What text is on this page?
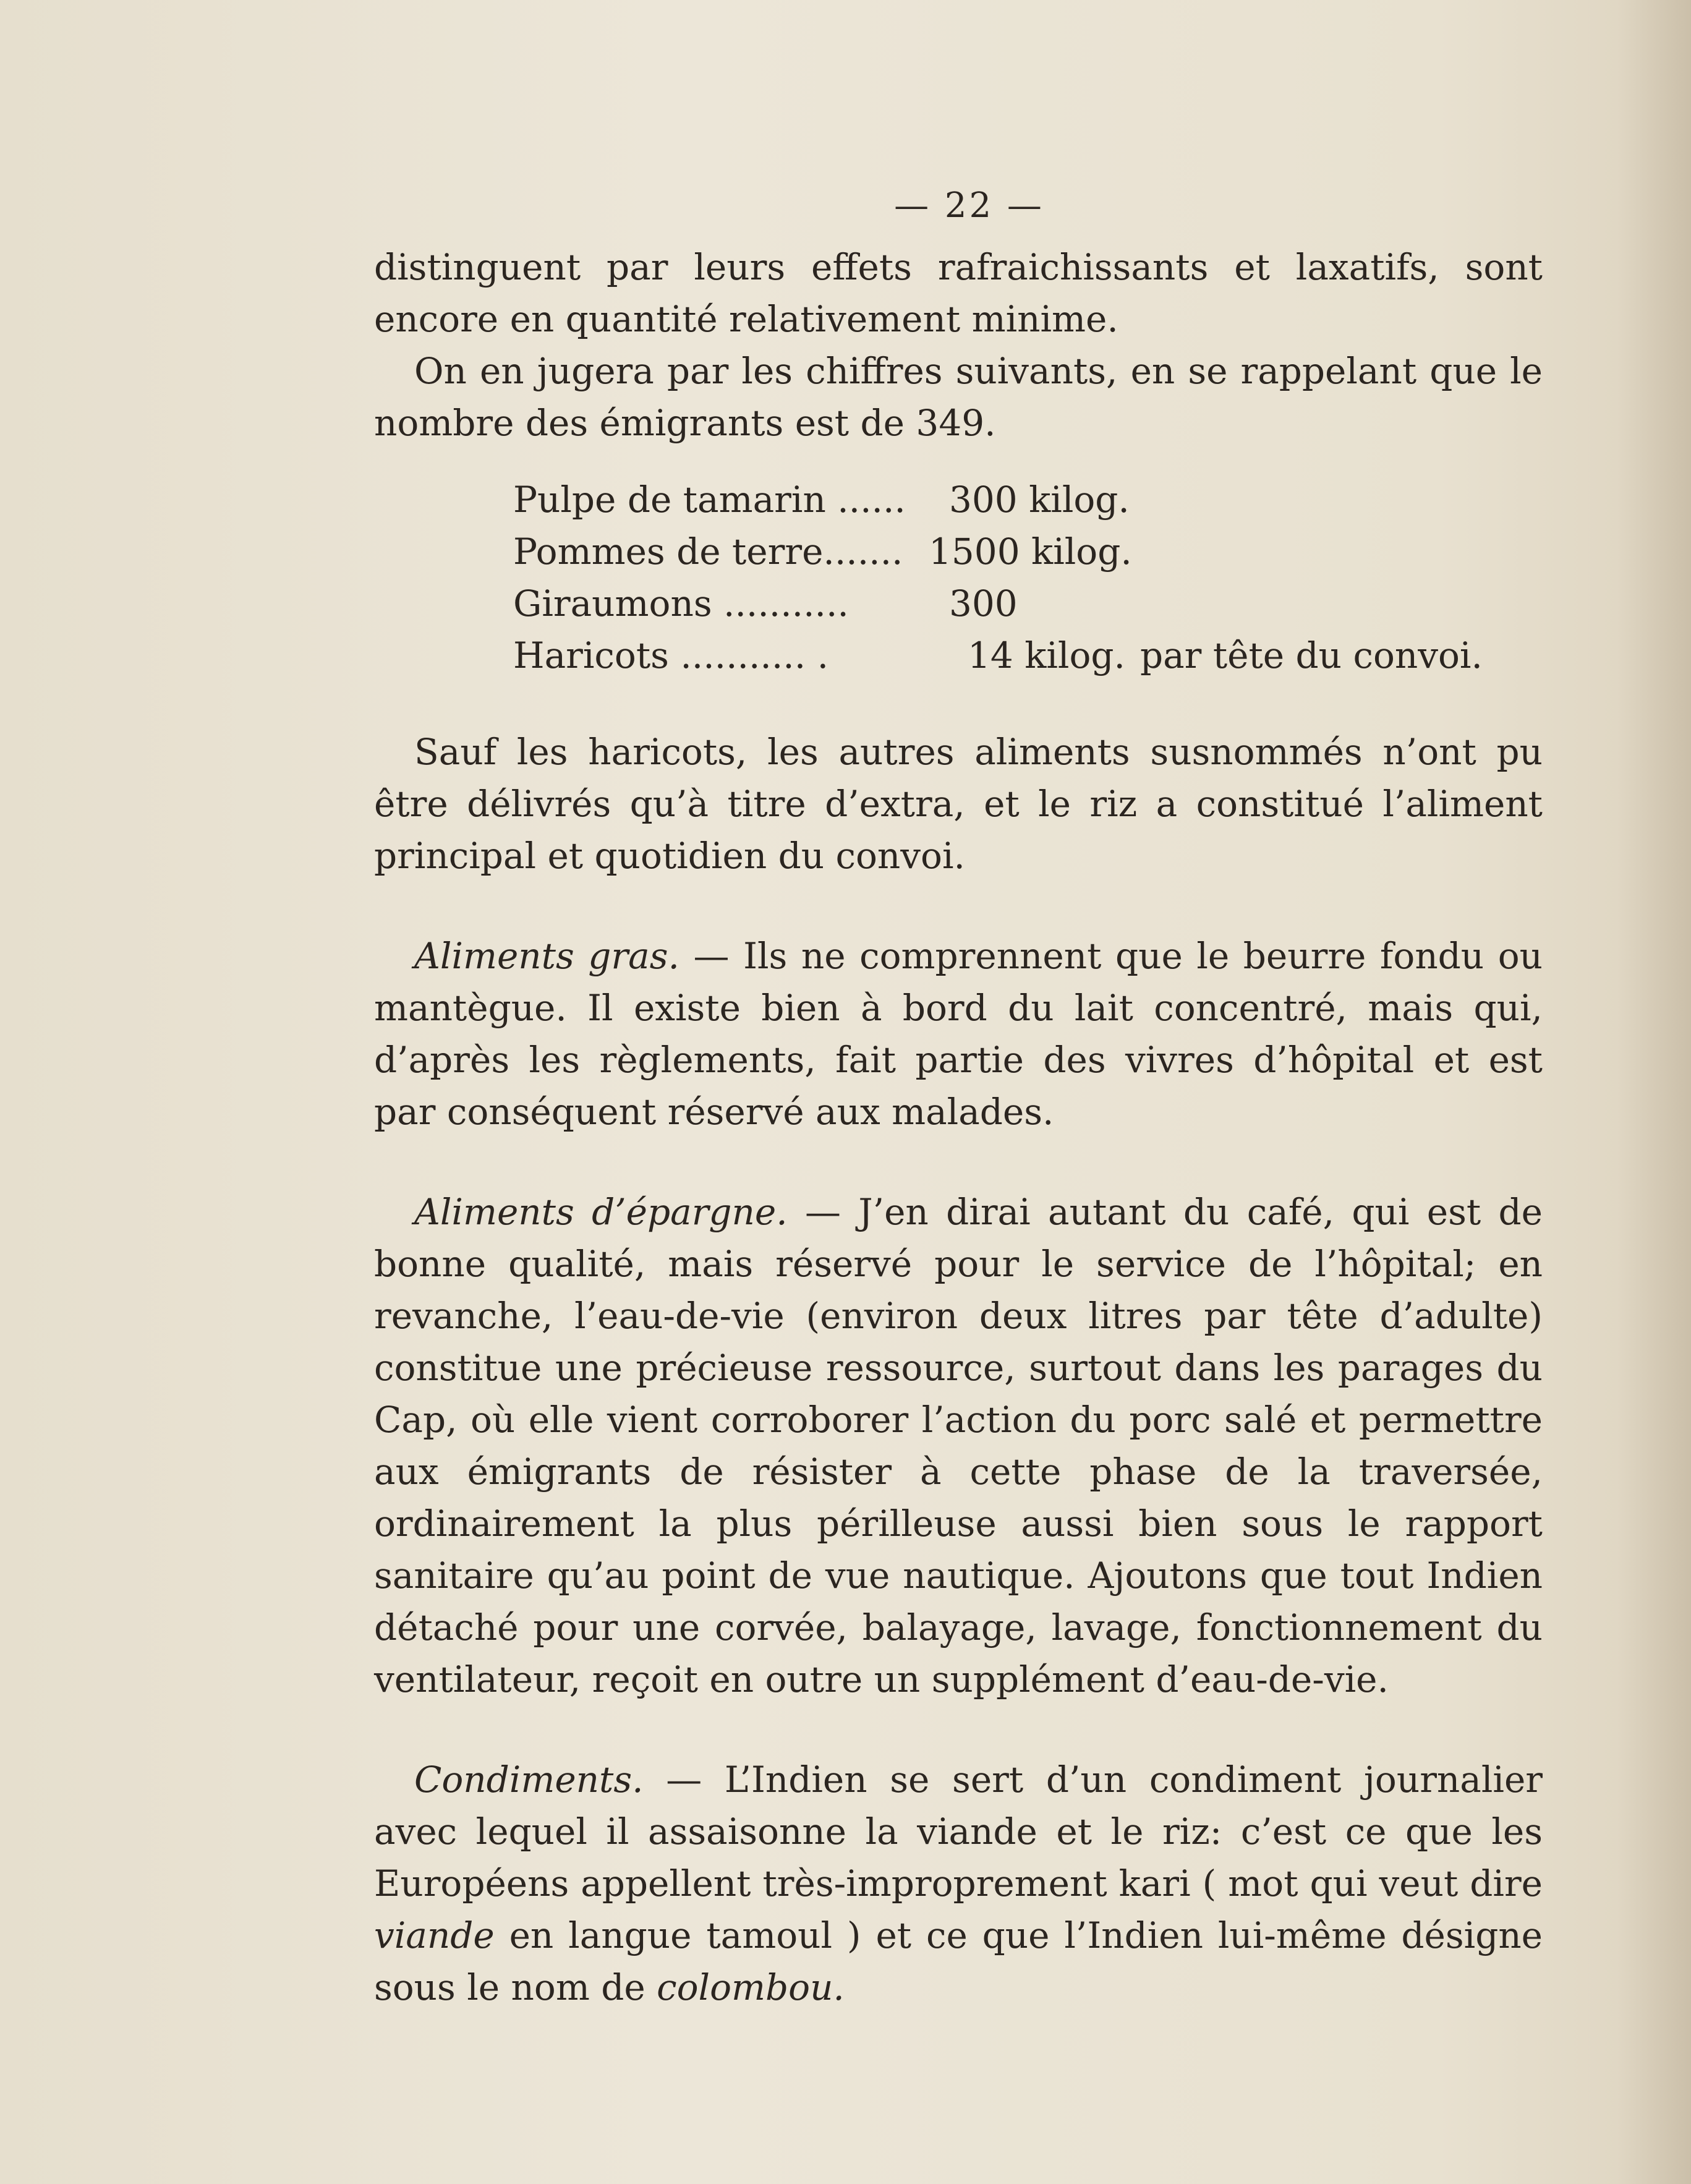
— 22 —

distinguent par leurs effets rafraichissants et laxatifs, sont encore en quantité relativement minime.

On en jugera par les chiffres suivants, en se rappelant que le nombre des émigrants est de 349.

Pulpe de tamarin ......	300 kilog.
Pommes de terre....... 1500 kilog.
Giraumons ...........	300
Haricots ........... .	14 kilog. par tête du convoi.

Sauf les haricots, les autres aliments susnommés n’ont pu être délivrés qu’à titre d’extra, et le riz a constitué l’aliment principal et quotidien du convoi.

Aliments gras. — Ils ne comprennent que le beurre fondu ou mantègue. Il existe bien à bord du lait concentré, mais qui, d’après les règlements, fait partie des vivres d’hôpital et est par conséquent réservé aux malades.

Aliments d’épargne. — J’en dirai autant du café, qui est de bonne qualité, mais réservé pour le service de l’hôpital; en revanche, l’eau-de-vie (environ deux litres par tête d’adulte) constitue une précieuse ressource, surtout dans les parages du Cap, où elle vient corroborer l’action du porc salé et permettre aux émigrants de résister à cette phase de la traversée, ordinairement la plus périlleuse aussi bien sous le rapport sanitaire qu’au point de vue nautique. Ajoutons que tout Indien détaché pour une corvée, balayage, lavage, fonctionnement du ventilateur, reçoit en outre un supplément d’eau-de-vie.

Condiments. — L’Indien se sert d’un condiment journalier avec lequel il assaisonne la viande et le riz: c’est ce que les Européens appellent très-improprement kari ( mot qui veut dire viande en langue tamoul ) et ce que l’Indien lui-même désigne sous le nom de colombou.
